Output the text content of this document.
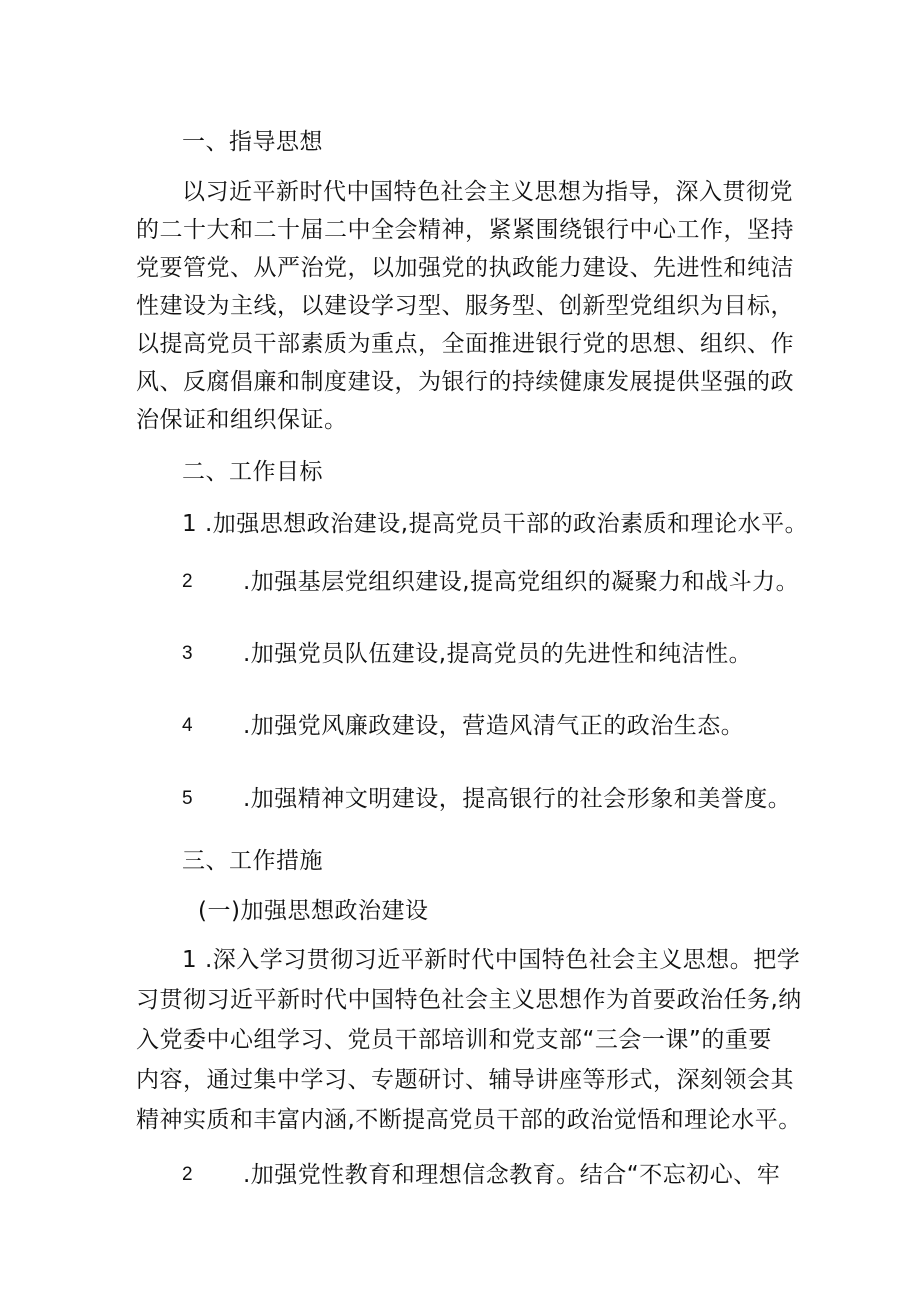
一、指导思想
以习近平新时代中国特色社会主义思想为指导，深入贯彻党
的二十大和二十届二中全会精神，紧紧围绕银行中心工作，坚持
党要管党、从严治党，以加强党的执政能力建设、先进性和纯洁
性建设为主线，以建设学习型、服务型、创新型党组织为目标，
以提高党员干部素质为重点，全面推进银行党的思想、组织、作
风、反腐倡廉和制度建设，为银行的持续健康发展提供坚强的政
治保证和组织保证。
二、工作目标
1 .加强思想政治建设,提高党员干部的政治素质和理论水平。
2 .加强基层党组织建设,提高党组织的凝聚力和战斗力。
3 .加强党员队伍建设,提高党员的先进性和纯洁性。
4 .加强党风廉政建设，营造风清气正的政治生态。
5 .加强精神文明建设，提高银行的社会形象和美誉度。
三、工作措施
(一)加强思想政治建设
1 .深入学习贯彻习近平新时代中国特色社会主义思想。把学
习贯彻习近平新时代中国特色社会主义思想作为首要政治任务,纳
入党委中心组学习、党员干部培训和党支部“三会一课”的重要
内容，通过集中学习、专题研讨、辅导讲座等形式，深刻领会其
精神实质和丰富内涵,不断提高党员干部的政治觉悟和理论水平。
2 .加强党性教育和理想信念教育。结合“不忘初心、牢
